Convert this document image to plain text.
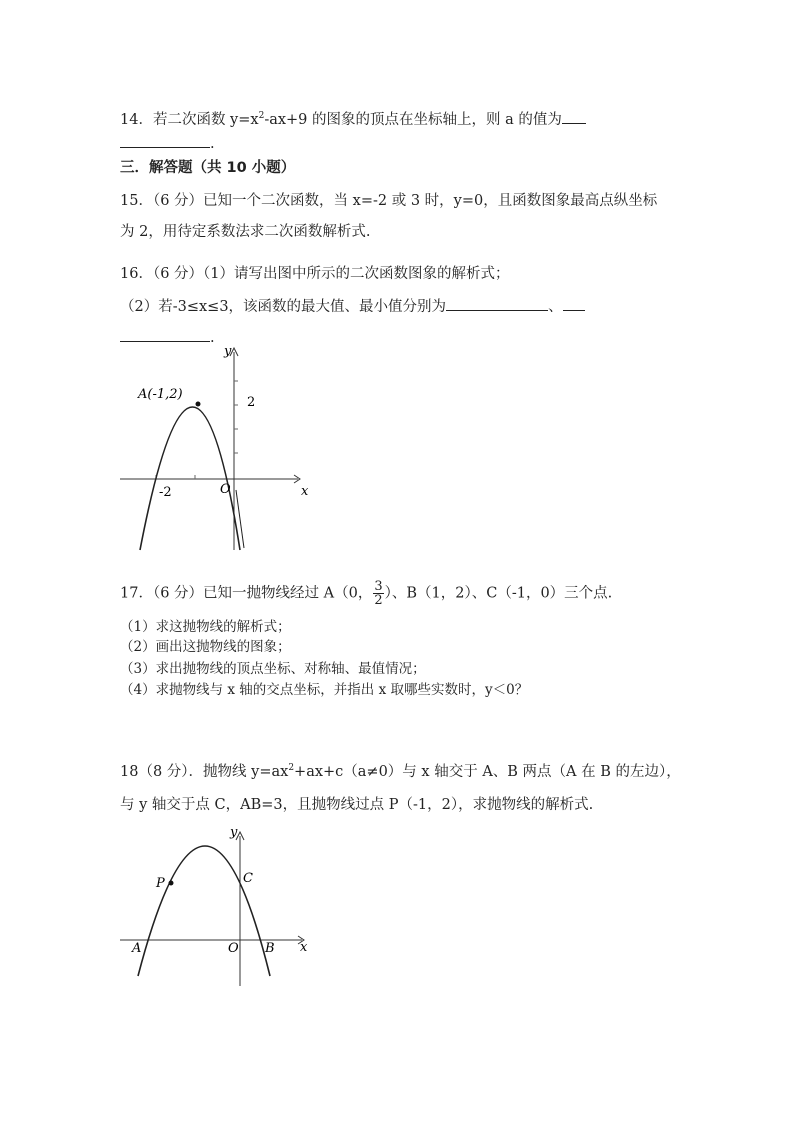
14．若二次函数 $y=x^2-ax+9$ 的图象的顶点在坐标轴上，则 a 的值为
.
三．解答题（共 10 小题）
15．（6 分）已知一个二次函数，当 x=-2 或 3 时，y=0，且函数图象最高点纵坐标
为 2，用待定系数法求二次函数解析式.
16．（6 分）（1）请写出图中所示的二次函数图象的解析式；
（2）若-3≤x≤3，该函数的最大值、最小值分别为	、
.
A(-1,2)
y
x
O
2
-2
17．（6 分）已知一抛物线经过 A（0， $\frac{3}{2}$ ）、B（1，2）、C（-1，0）三个点.
（1）求这抛物线的解析式；
（2）画出这抛物线的图象；
（3）求出抛物线的顶点坐标、对称轴、最值情况；
（4）求抛物线与 x 轴的交点坐标，并指出 x 取哪些实数时，y＜0？
18（8 分）．抛物线 $y=ax^2+ax+c(a\ne 0)$与 x 轴交于 A、B 两点（A 在 B 的左边），
与 y 轴交于点 C，AB=3，且抛物线过点 P（-1，2），求抛物线的解析式.
y
x
O
P	C
A	B
